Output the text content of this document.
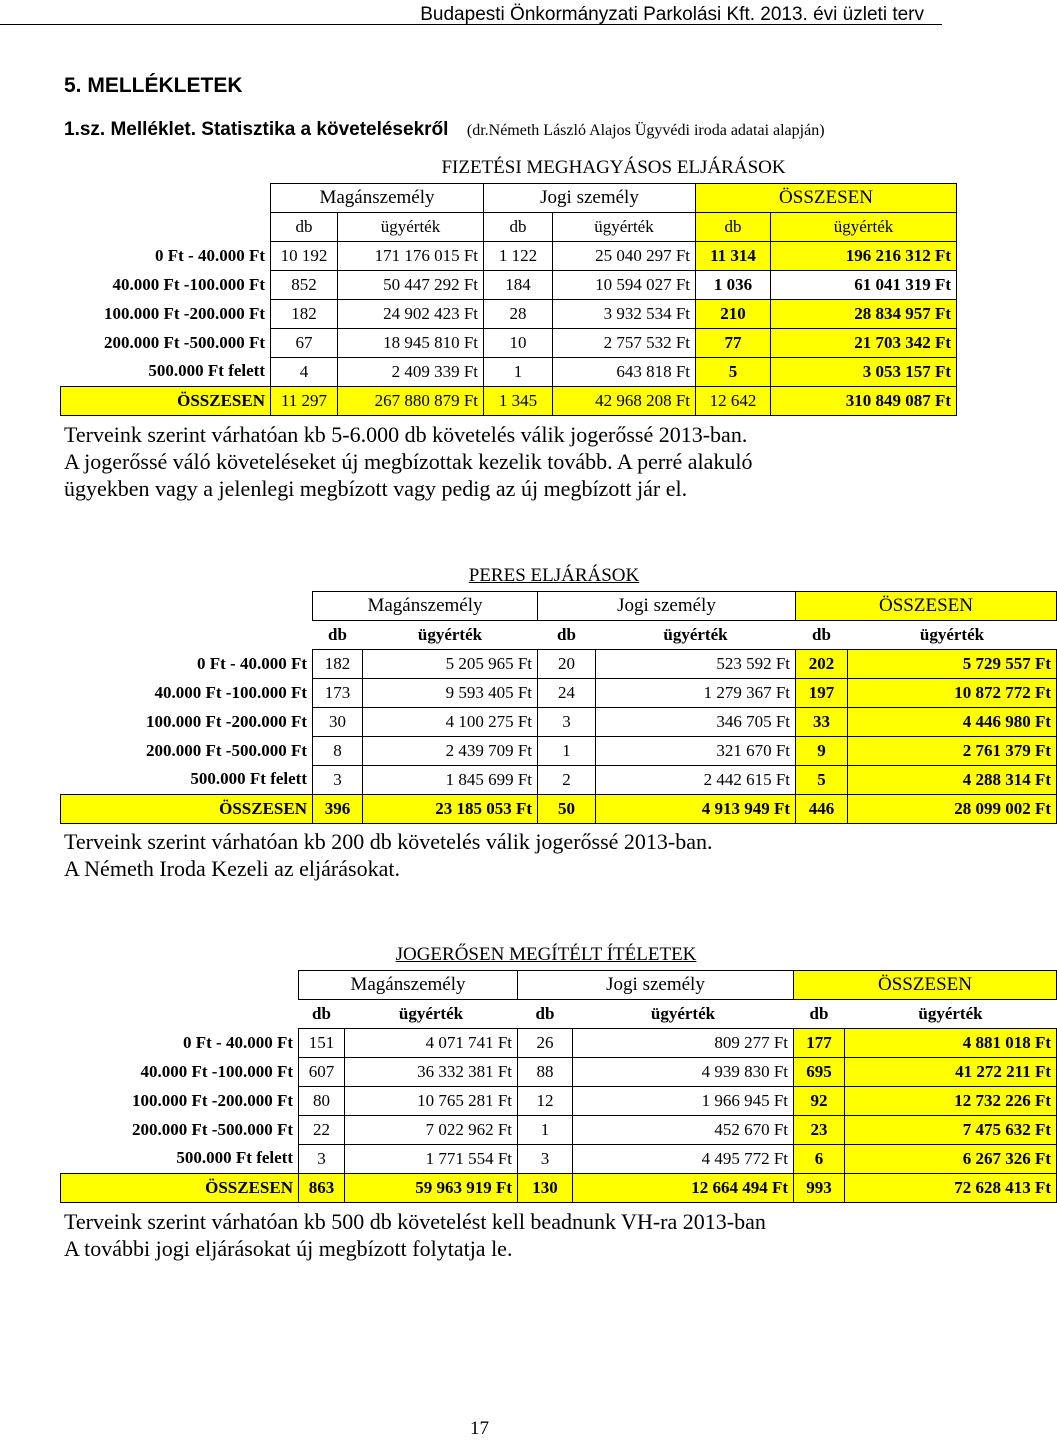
Budapesti Önkormányzati Parkolási Kft. 2013. évi üzleti terv
5. MELLÉKLETEK
1.sz. Melléklet. Statisztika a követelésekről (dr.Németh László Alajos Ügyvédi iroda adatai alapján)
	FIZETÉSI MEGHAGYÁSOS ELJÁRÁSOK					
	Magánszemély		Jogi személy		ÖSSZESEN	
	db	ügyérték	db	ügyérték	db	ügyérték
0 Ft - 40.000 Ft	10 192	171 176 015 Ft	1 122	25 040 297 Ft	11 314	196 216 312 Ft
40.000 Ft -100.000 Ft	852	50 447 292 Ft	184	10 594 027 Ft	1 036	61 041 319 Ft
100.000 Ft -200.000 Ft	182	24 902 423 Ft	28	3 932 534 Ft	210	28 834 957 Ft
200.000 Ft -500.000 Ft	67	18 945 810 Ft	10	2 757 532 Ft	77	21 703 342 Ft
500.000 Ft felett	4	2 409 339 Ft	1	643 818 Ft	5	3 053 157 Ft
ÖSSZESEN	11 297	267 880 879 Ft	1 345	42 968 208 Ft	12 642	310 849 087 Ft
Terveink szerint várhatóan kb 5-6.000 db követelés válik jogerőssé 2013-ban.
A jogerőssé váló követeléseket új megbízottak kezelik tovább. A perré alakuló
ügyekben vagy a jelenlegi megbízott vagy pedig az új megbízott jár el.
	PERES ELJÁRÁSOK					
	Magánszemély		Jogi személy		ÖSSZESEN	
	db	ügyérték	db	ügyérték	db	ügyérték
0 Ft - 40.000 Ft	182	5 205 965 Ft	20	523 592 Ft	202	5 729 557 Ft
40.000 Ft -100.000 Ft	173	9 593 405 Ft	24	1 279 367 Ft	197	10 872 772 Ft
100.000 Ft -200.000 Ft	30	4 100 275 Ft	3	346 705 Ft	33	4 446 980 Ft
200.000 Ft -500.000 Ft	8	2 439 709 Ft	1	321 670 Ft	9	2 761 379 Ft
500.000 Ft felett	3	1 845 699 Ft	2	2 442 615 Ft	5	4 288 314 Ft
ÖSSZESEN	396	23 185 053 Ft	50	4 913 949 Ft	446	28 099 002 Ft
Terveink szerint várhatóan kb 200 db követelés válik jogerőssé 2013-ban.
A Németh Iroda Kezeli az eljárásokat.
	JOGERŐSEN MEGÍTÉLT ÍTÉLETEK					
	Magánszemély		Jogi személy		ÖSSZESEN	
	db	ügyérték	db	ügyérték	db	ügyérték
0 Ft - 40.000 Ft	151	4 071 741 Ft	26	809 277 Ft	177	4 881 018 Ft
40.000 Ft -100.000 Ft	607	36 332 381 Ft	88	4 939 830 Ft	695	41 272 211 Ft
100.000 Ft -200.000 Ft	80	10 765 281 Ft	12	1 966 945 Ft	92	12 732 226 Ft
200.000 Ft -500.000 Ft	22	7 022 962 Ft	1	452 670 Ft	23	7 475 632 Ft
500.000 Ft felett	3	1 771 554 Ft	3	4 495 772 Ft	6	6 267 326 Ft
ÖSSZESEN	863	59 963 919 Ft	130	12 664 494 Ft	993	72 628 413 Ft
Terveink szerint várhatóan kb 500 db követelést kell beadnunk VH-ra 2013-ban
A további jogi eljárásokat új megbízott folytatja le.
17
